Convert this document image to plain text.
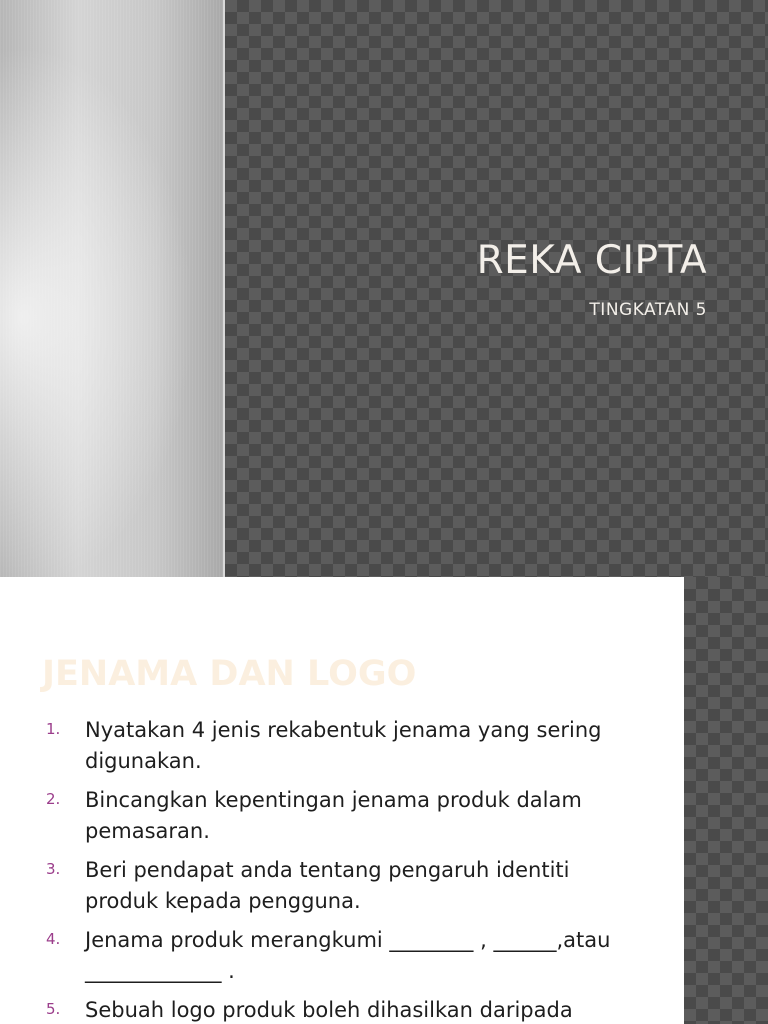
REKA CIPTA
TINGKATAN 5
JENAMA DAN LOGO
1.	Nyatakan 4 jenis rekabentuk jenama yang sering digunakan.
2.	Bincangkan kepentingan jenama produk dalam pemasaran.
3.	Beri pendapat anda tentang pengaruh identiti produk kepada pengguna.
4.	Jenama produk merangkumi ________ , ______,atau _____________ .
5.	Sebuah logo produk boleh dihasilkan daripada
